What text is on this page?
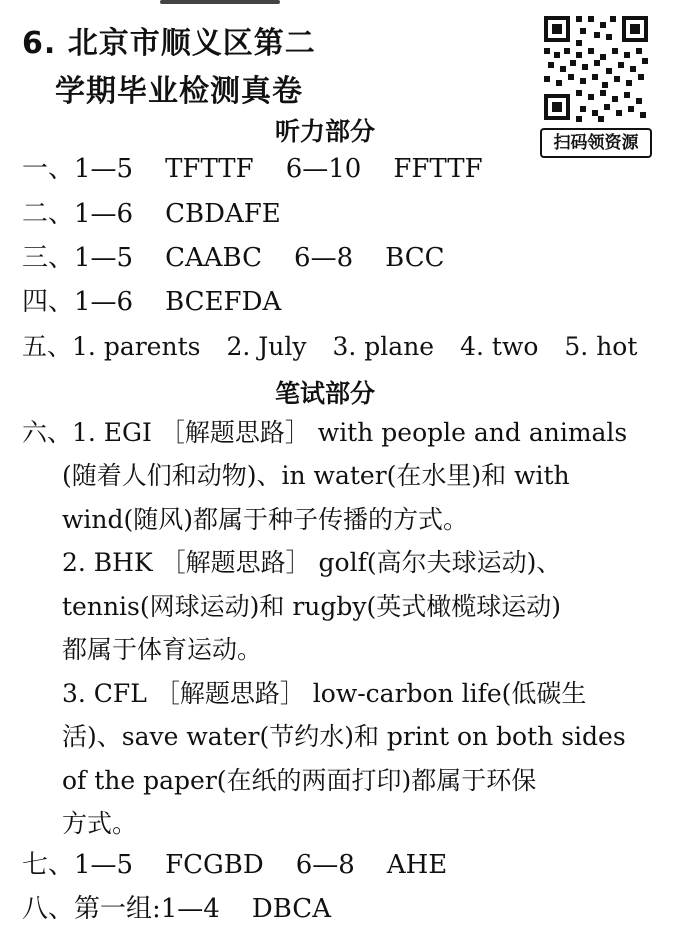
6. 北京市顺义区第二
学期毕业检测真卷
扫码领资源
听力部分
一、1—5 TFTTF 6—10 FFTTF
二、1—6 CBDAFE
三、1—5 CAABC 6—8 BCC
四、1—6 BCEFDA
五、1. parents 2. July 3. plane 4. two 5. hot
笔试部分
六、1. EGI ［解题思路］ with people and animals
(随着人们和动物)、in water(在水里)和 with
wind(随风)都属于种子传播的方式。
2. BHK ［解题思路］ golf(高尔夫球运动)、
tennis(网球运动)和 rugby(英式橄榄球运动)
都属于体育运动。
3. CFL ［解题思路］ low-carbon life(低碳生
活)、save water(节约水)和 print on both sides
of the paper(在纸的两面打印)都属于环保
方式。
七、1—5 FCGBD 6—8 AHE
八、第一组:1—4 DBCA
